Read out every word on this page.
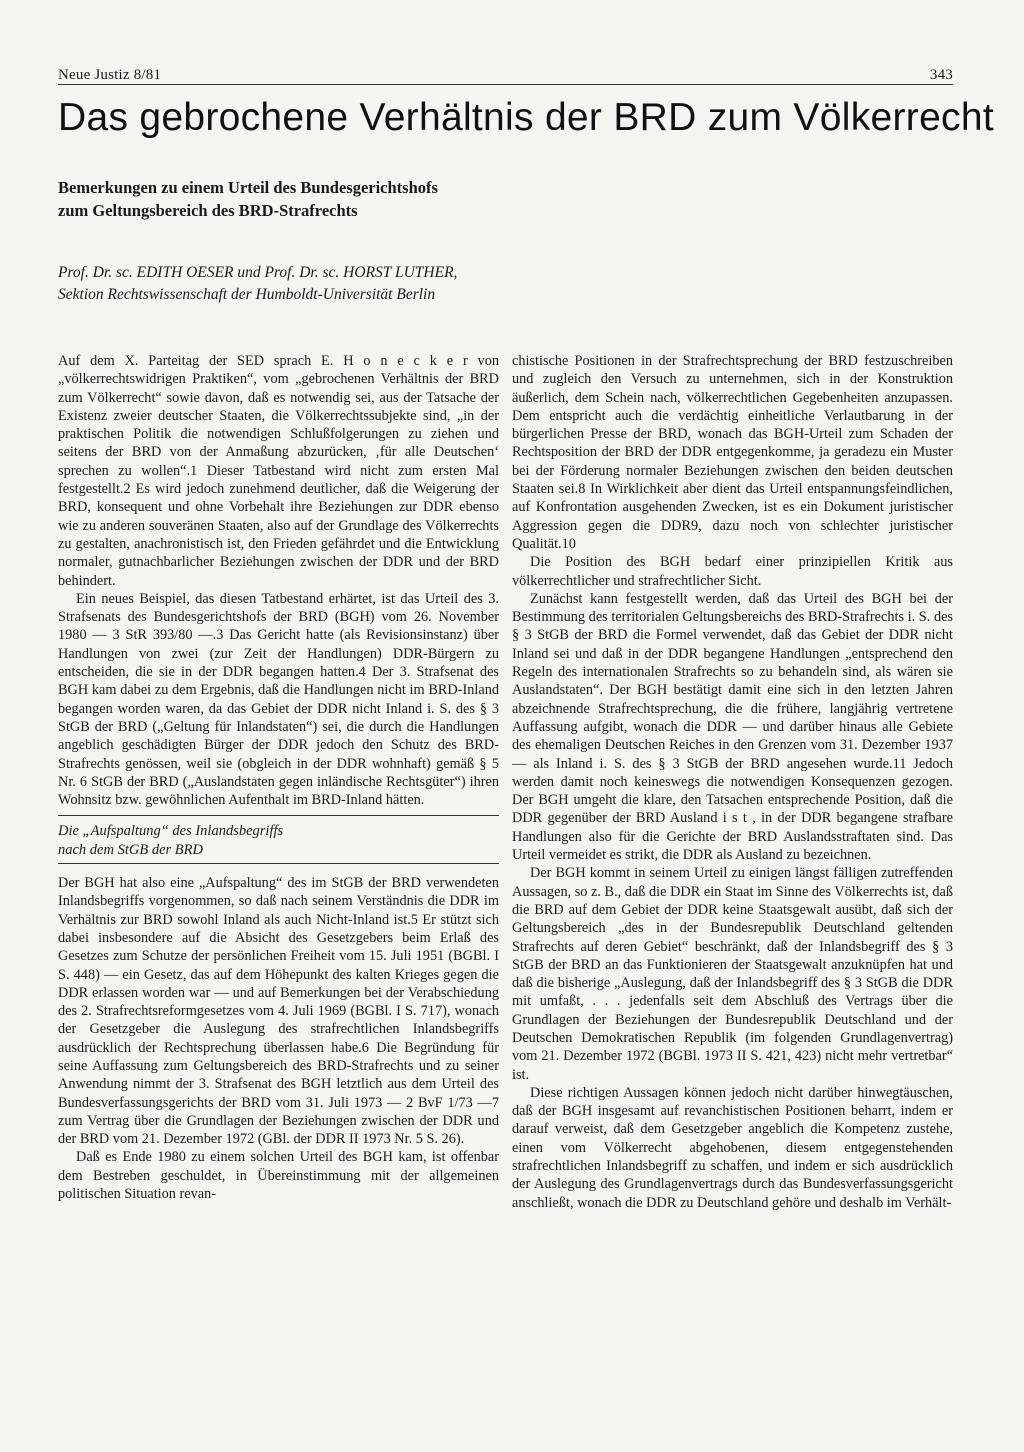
Neue Justiz 8/81	343
Das gebrochene Verhältnis der BRD zum Völkerrecht
Bemerkungen zu einem Urteil des Bundesgerichtshofs
zum Geltungsbereich des BRD-Strafrechts
Prof. Dr. sc. EDITH OESER und Prof. Dr. sc. HORST LUTHER,
Sektion Rechtswissenschaft der Humboldt-Universität Berlin

Auf dem X. Parteitag der SED sprach E. H o n e c k e r von „völkerrechtswidrigen Praktiken“, vom „gebrochenen Verhältnis der BRD zum Völkerrecht“ sowie davon, daß es notwendig sei, aus der Tatsache der Existenz zweier deutscher Staaten, die Völkerrechtssubjekte sind, „in der praktischen Politik die notwendigen Schlußfolgerungen zu ziehen und seitens der BRD von der Anmaßung abzurücken, ‚für alle Deutschen‘ sprechen zu wollen“.1 Dieser Tatbestand wird nicht zum ersten Mal festgestellt.2 Es wird jedoch zunehmend deutlicher, daß die Weigerung der BRD, konsequent und ohne Vorbehalt ihre Beziehungen zur DDR ebenso wie zu anderen souveränen Staaten, also auf der Grundlage des Völkerrechts zu gestalten, anachronistisch ist, den Frieden gefährdet und die Entwicklung normaler, gutnachbarlicher Beziehungen zwischen der DDR und der BRD behindert.

Ein neues Beispiel, das diesen Tatbestand erhärtet, ist das Urteil des 3. Strafsenats des Bundesgerichtshofs der BRD (BGH) vom 26. November 1980 — 3 StR 393/80 —.3 Das Gericht hatte (als Revisionsinstanz) über Handlungen von zwei (zur Zeit der Handlungen) DDR-Bürgern zu entscheiden, die sie in der DDR begangen hatten.4 Der 3. Strafsenat des BGH kam dabei zu dem Ergebnis, daß die Handlungen nicht im BRD-Inland begangen worden waren, da das Gebiet der DDR nicht Inland i. S. des § 3 StGB der BRD („Geltung für Inlandstaten“) sei, die durch die Handlungen angeblich geschädigten Bürger der DDR jedoch den Schutz des BRD-Strafrechts genössen, weil sie (obgleich in der DDR wohnhaft) gemäß § 5 Nr. 6 StGB der BRD („Auslandstaten gegen inländische Rechtsgüter“) ihren Wohnsitz bzw. gewöhnlichen Aufenthalt im BRD-Inland hätten.

Die „Aufspaltung“ des Inlandsbegriffs
nach dem StGB der BRD

Der BGH hat also eine „Aufspaltung“ des im StGB der BRD verwendeten Inlandsbegriffs vorgenommen, so daß nach seinem Verständnis die DDR im Verhältnis zur BRD sowohl Inland als auch Nicht-Inland ist.5 Er stützt sich dabei insbesondere auf die Absicht des Gesetzgebers beim Erlaß des Gesetzes zum Schutze der persönlichen Freiheit vom 15. Juli 1951 (BGBl. I S. 448) — ein Gesetz, das auf dem Höhepunkt des kalten Krieges gegen die DDR erlassen worden war — und auf Bemerkungen bei der Verabschiedung des 2. Strafrechtsreformgesetzes vom 4. Juli 1969 (BGBl. I S. 717), wonach der Gesetzgeber die Auslegung des strafrechtlichen Inlandsbegriffs ausdrücklich der Rechtsprechung überlassen habe.6 Die Begründung für seine Auffassung zum Geltungsbereich des BRD-Strafrechts und zu seiner Anwendung nimmt der 3. Strafsenat des BGH letztlich aus dem Urteil des Bundesverfassungsgerichts der BRD vom 31. Juli 1973 — 2 BvF 1/73 —7 zum Vertrag über die Grundlagen der Beziehungen zwischen der DDR und der BRD vom 21. Dezember 1972 (GBl. der DDR II 1973 Nr. 5 S. 26).

Daß es Ende 1980 zu einem solchen Urteil des BGH kam, ist offenbar dem Bestreben geschuldet, in Übereinstimmung mit der allgemeinen politischen Situation revan-

chistische Positionen in der Strafrechtsprechung der BRD festzuschreiben und zugleich den Versuch zu unternehmen, sich in der Konstruktion äußerlich, dem Schein nach, völkerrechtlichen Gegebenheiten anzupassen. Dem entspricht auch die verdächtig einheitliche Verlautbarung in der bürgerlichen Presse der BRD, wonach das BGH-Urteil zum Schaden der Rechtsposition der BRD der DDR entgegenkomme, ja geradezu ein Muster bei der Förderung normaler Beziehungen zwischen den beiden deutschen Staaten sei.8 In Wirklichkeit aber dient das Urteil entspannungsfeindlichen, auf Konfrontation ausgehenden Zwecken, ist es ein Dokument juristischer Aggression gegen die DDR9, dazu noch von schlechter juristischer Qualität.10

Die Position des BGH bedarf einer prinzipiellen Kritik aus völkerrechtlicher und strafrechtlicher Sicht.

Zunächst kann festgestellt werden, daß das Urteil des BGH bei der Bestimmung des territorialen Geltungsbereichs des BRD-Strafrechts i. S. des § 3 StGB der BRD die Formel verwendet, daß das Gebiet der DDR nicht Inland sei und daß in der DDR begangene Handlungen „entsprechend den Regeln des internationalen Strafrechts so zu behandeln sind, als wären sie Auslandstaten“. Der BGH bestätigt damit eine sich in den letzten Jahren abzeichnende Strafrechtsprechung, die die frühere, langjährig vertretene Auffassung aufgibt, wonach die DDR — und darüber hinaus alle Gebiete des ehemaligen Deutschen Reiches in den Grenzen vom 31. Dezember 1937 — als Inland i. S. des § 3 StGB der BRD angesehen wurde.11 Jedoch werden damit noch keineswegs die notwendigen Konsequenzen gezogen. Der BGH umgeht die klare, den Tatsachen entsprechende Position, daß die DDR gegenüber der BRD Ausland i s t , in der DDR begangene strafbare Handlungen also für die Gerichte der BRD Auslandsstraftaten sind. Das Urteil vermeidet es strikt, die DDR als Ausland zu bezeichnen.

Der BGH kommt in seinem Urteil zu einigen längst fälligen zutreffenden Aussagen, so z. B., daß die DDR ein Staat im Sinne des Völkerrechts ist, daß die BRD auf dem Gebiet der DDR keine Staatsgewalt ausübt, daß sich der Geltungsbereich „des in der Bundesrepublik Deutschland geltenden Strafrechts auf deren Gebiet“ beschränkt, daß der Inlandsbegriff des § 3 StGB der BRD an das Funktionieren der Staatsgewalt anzuknüpfen hat und daß die bisherige „Auslegung, daß der Inlandsbegriff des § 3 StGB die DDR mit umfaßt, . . . jedenfalls seit dem Abschluß des Vertrags über die Grundlagen der Beziehungen der Bundesrepublik Deutschland und der Deutschen Demokratischen Republik (im folgenden Grundlagenvertrag) vom 21. Dezember 1972 (BGBl. 1973 II S. 421, 423) nicht mehr vertretbar“ ist.

Diese richtigen Aussagen können jedoch nicht darüber hinwegtäuschen, daß der BGH insgesamt auf revanchistischen Positionen beharrt, indem er darauf verweist, daß dem Gesetzgeber angeblich die Kompetenz zustehe, einen vom Völkerrecht abgehobenen, diesem entgegenstehenden strafrechtlichen Inlandsbegriff zu schaffen, und indem er sich ausdrücklich der Auslegung des Grundlagenvertrags durch das Bundesverfassungsgericht anschließt, wonach die DDR zu Deutschland gehöre und deshalb im Verhält-
